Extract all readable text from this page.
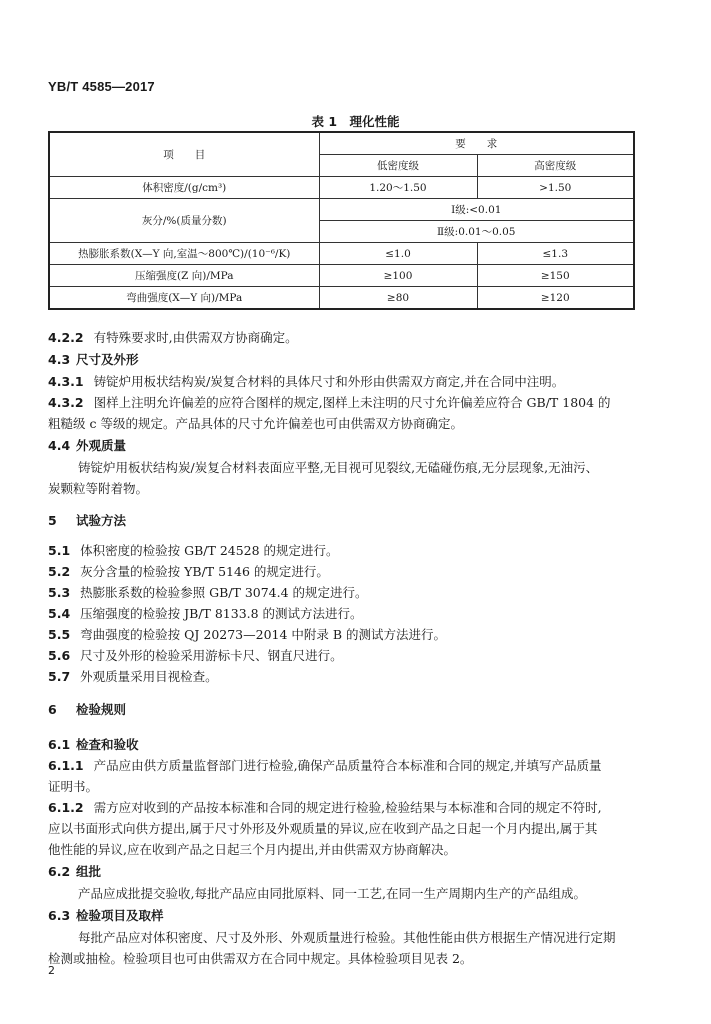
YB/T 4585—2017
表 1　理化性能
项　　目	要　　求	
	低密度级	高密度级
体积密度/(g/cm³)	1.20～1.50	>1.50
灰分/%(质量分数)	Ⅰ级:<0.01	
	Ⅱ级:0.01～0.05	
热膨胀系数(X—Y 向,室温～800℃)/(10⁻⁶/K)	≤1.0	≤1.3
压缩强度(Z 向)/MPa	≥100	≥150
弯曲强度(X—Y 向)/MPa	≥80	≥120
4.2.2 有特殊要求时,由供需双方协商确定。
4.3 尺寸及外形
4.3.1 铸锭炉用板状结构炭/炭复合材料的具体尺寸和外形由供需双方商定,并在合同中注明。
4.3.2 图样上注明允许偏差的应符合图样的规定,图样上未注明的尺寸允许偏差应符合 GB/T 1804 的
粗糙级 c 等级的规定。产品具体的尺寸允许偏差也可由供需双方协商确定。
4.4 外观质量
铸锭炉用板状结构炭/炭复合材料表面应平整,无目视可见裂纹,无磕碰伤痕,无分层现象,无油污、
炭颗粒等附着物。
5 试验方法
5.1 体积密度的检验按 GB/T 24528 的规定进行。
5.2 灰分含量的检验按 YB/T 5146 的规定进行。
5.3 热膨胀系数的检验参照 GB/T 3074.4 的规定进行。
5.4 压缩强度的检验按 JB/T 8133.8 的测试方法进行。
5.5 弯曲强度的检验按 QJ 20273—2014 中附录 B 的测试方法进行。
5.6 尺寸及外形的检验采用游标卡尺、钢直尺进行。
5.7 外观质量采用目视检查。
6 检验规则
6.1 检查和验收
6.1.1 产品应由供方质量监督部门进行检验,确保产品质量符合本标准和合同的规定,并填写产品质量
证明书。
6.1.2 需方应对收到的产品按本标准和合同的规定进行检验,检验结果与本标准和合同的规定不符时,
应以书面形式向供方提出,属于尺寸外形及外观质量的异议,应在收到产品之日起一个月内提出,属于其
他性能的异议,应在收到产品之日起三个月内提出,并由供需双方协商解决。
6.2 组批
产品应成批提交验收,每批产品应由同批原料、同一工艺,在同一生产周期内生产的产品组成。
6.3 检验项目及取样
每批产品应对体积密度、尺寸及外形、外观质量进行检验。其他性能由供方根据生产情况进行定期
检测或抽检。检验项目也可由供需双方在合同中规定。具体检验项目见表 2。
2
